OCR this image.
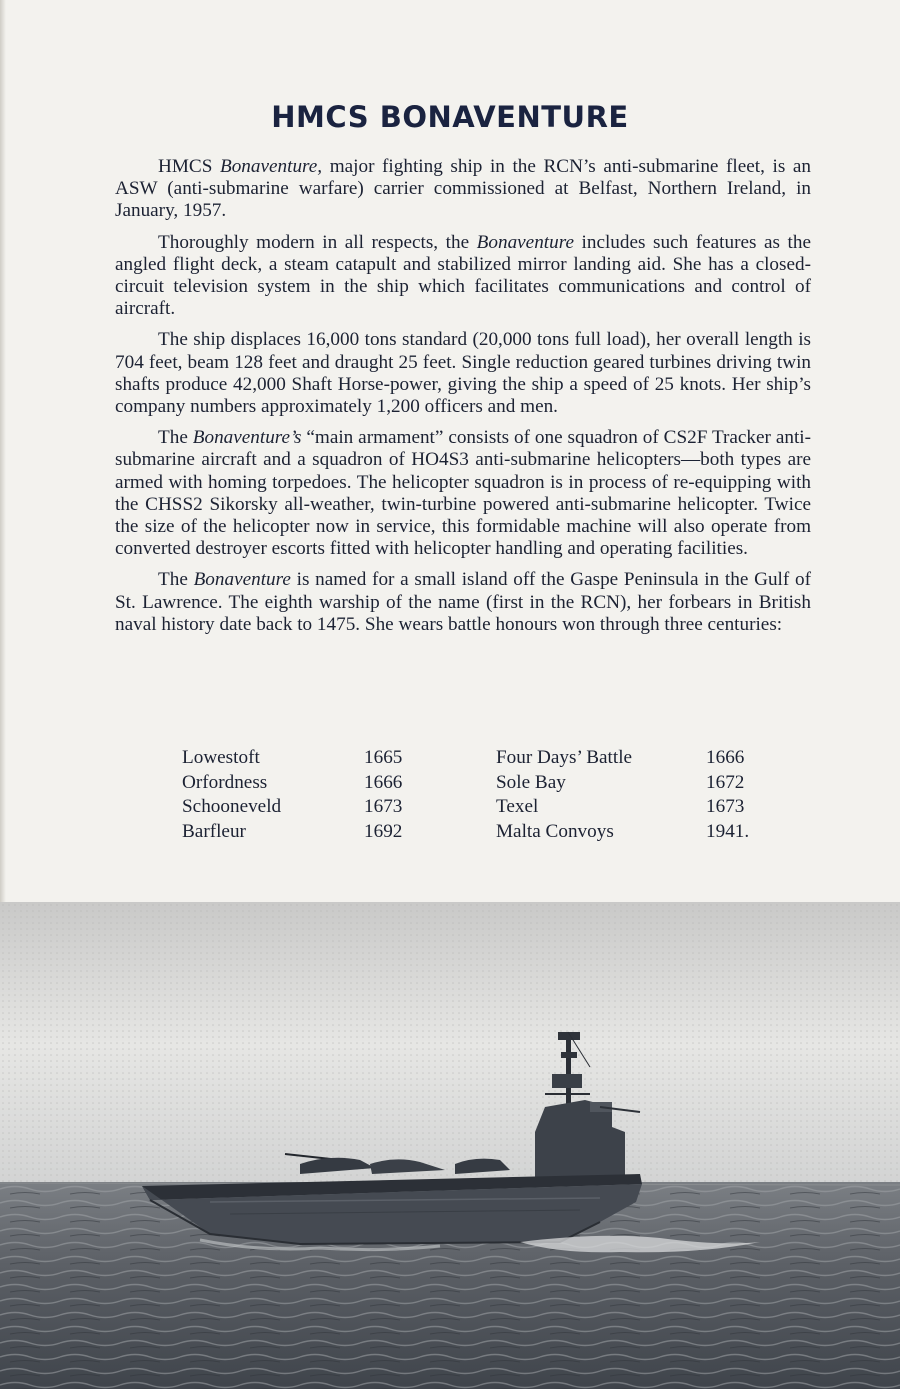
HMCS BONAVENTURE

HMCS Bonaventure, major fighting ship in the RCN’s anti-submarine fleet, is an ASW (anti-submarine warfare) carrier commissioned at Belfast, Northern Ireland, in January, 1957.

Thoroughly modern in all respects, the Bonaventure includes such features as the angled flight deck, a steam catapult and stabilized mirror landing aid. She has a closed-circuit television system in the ship which facilitates communications and control of aircraft.

The ship displaces 16,000 tons standard (20,000 tons full load), her overall length is 704 feet, beam 128 feet and draught 25 feet. Single reduction geared turbines driving twin shafts produce 42,000 Shaft Horse-power, giving the ship a speed of 25 knots. Her ship’s company numbers approximately 1,200 officers and men.

The Bonaventure’s “main armament” consists of one squadron of CS2F Tracker anti-submarine aircraft and a squadron of HO4S3 anti-submarine helicopters—both types are armed with homing torpedoes. The helicopter squadron is in process of re-equipping with the CHSS2 Sikorsky all-weather, twin-turbine powered anti-submarine helicopter. Twice the size of the helicopter now in service, this formidable machine will also operate from converted destroyer escorts fitted with helicopter handling and operating facilities.

The Bonaventure is named for a small island off the Gaspe Peninsula in the Gulf of St. Lawrence. The eighth warship of the name (first in the RCN), her forbears in British naval history date back to 1475. She wears battle honours won through three centuries:

Lowestoft	1665	Four Days’ Battle	1666
Orfordness	1666	Sole Bay	1672
Schooneveld	1673	Texel	1673
Barfleur	1692	Malta Convoys	1941.
